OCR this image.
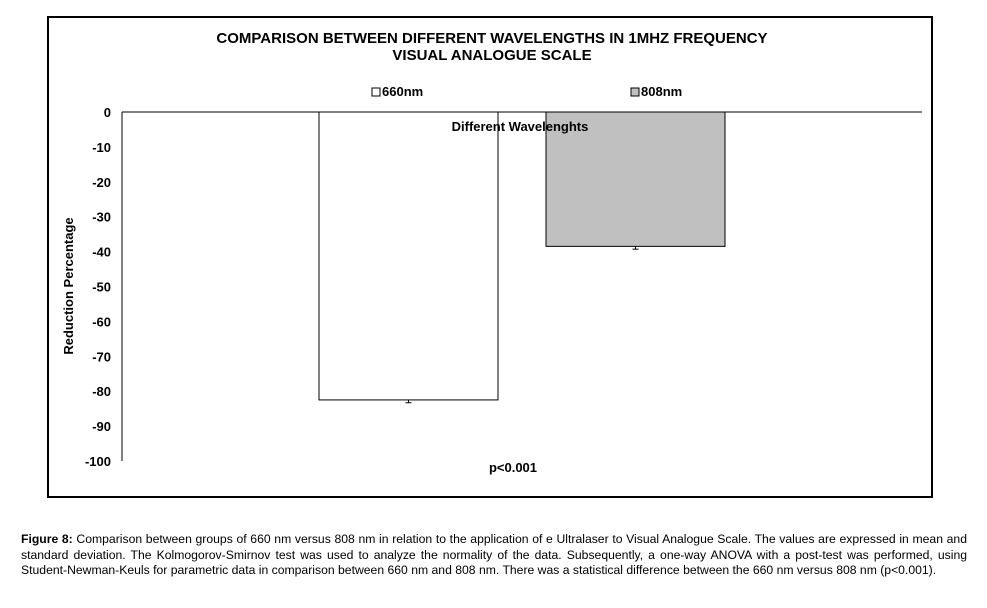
COMPARISON BETWEEN DIFFERENT WAVELENGTHS IN 1MHZ FREQUENCY
VISUAL ANALOGUE SCALE
660nm	808nm
0
-10
-20
-30
-40
-50
-60
-70
-80
-90
-100
Different Wavelenghts
Reduction Percentage
p<0.001
Figure 8: Comparison between groups of 660 nm versus 808 nm in relation to the application of e Ultralaser to Visual Analogue Scale. The values are expressed in mean and standard deviation. The Kolmogorov-Smirnov test was used to analyze the normality of the data. Subsequently, a one-way ANOVA with a post-test was performed, using Student-Newman-Keuls for parametric data in comparison between 660 nm and 808 nm. There was a statistical difference between the 660 nm versus 808 nm (p<0.001).
